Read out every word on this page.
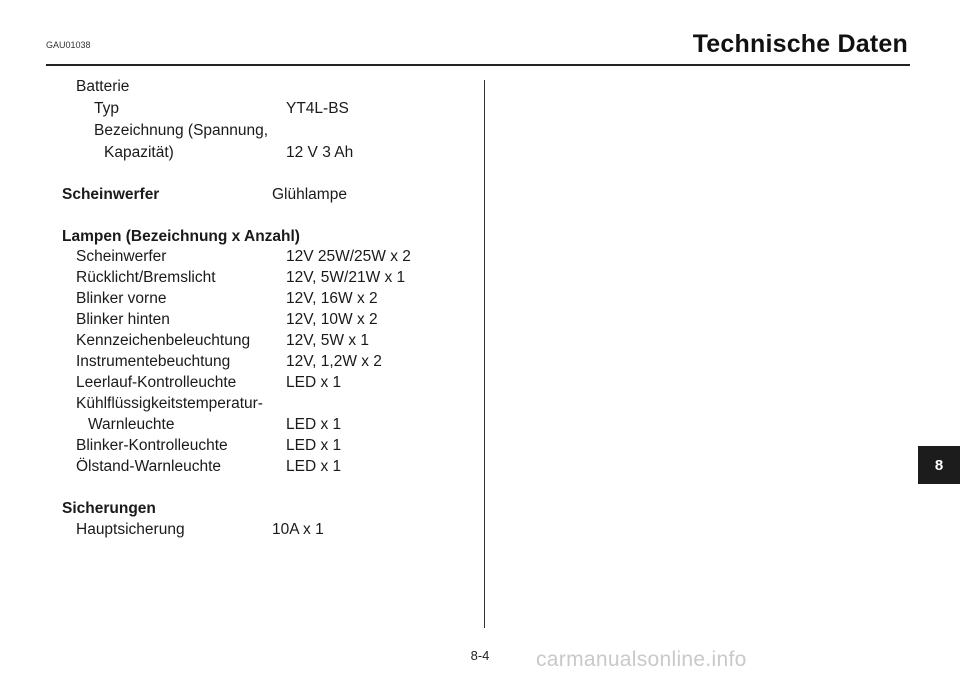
GAU01038	Technische Daten
Batterie
Typ	YT4L-BS
Bezeichnung (Spannung,
Kapazität)	12 V 3 Ah
Scheinwerfer	Glühlampe
Lampen (Bezeichnung x Anzahl)
Scheinwerfer	12V 25W/25W x 2
Rücklicht/Bremslicht	12V, 5W/21W x 1
Blinker vorne	12V, 16W x 2
Blinker hinten	12V, 10W x 2
Kennzeichenbeleuchtung 12V, 5W x 1
Instrumentebeuchtung	12V, 1,2W x 2
Leerlauf-Kontrolleuchte	LED x 1
Kühlflüssigkeitstemperatur-
Warnleuchte	LED x 1
Blinker-Kontrolleuchte	LED x 1
Ölstand-Warnleuchte	LED x 1
Sicherungen
Hauptsicherung	10A x 1
8
8-4	carmanualsonline.info
